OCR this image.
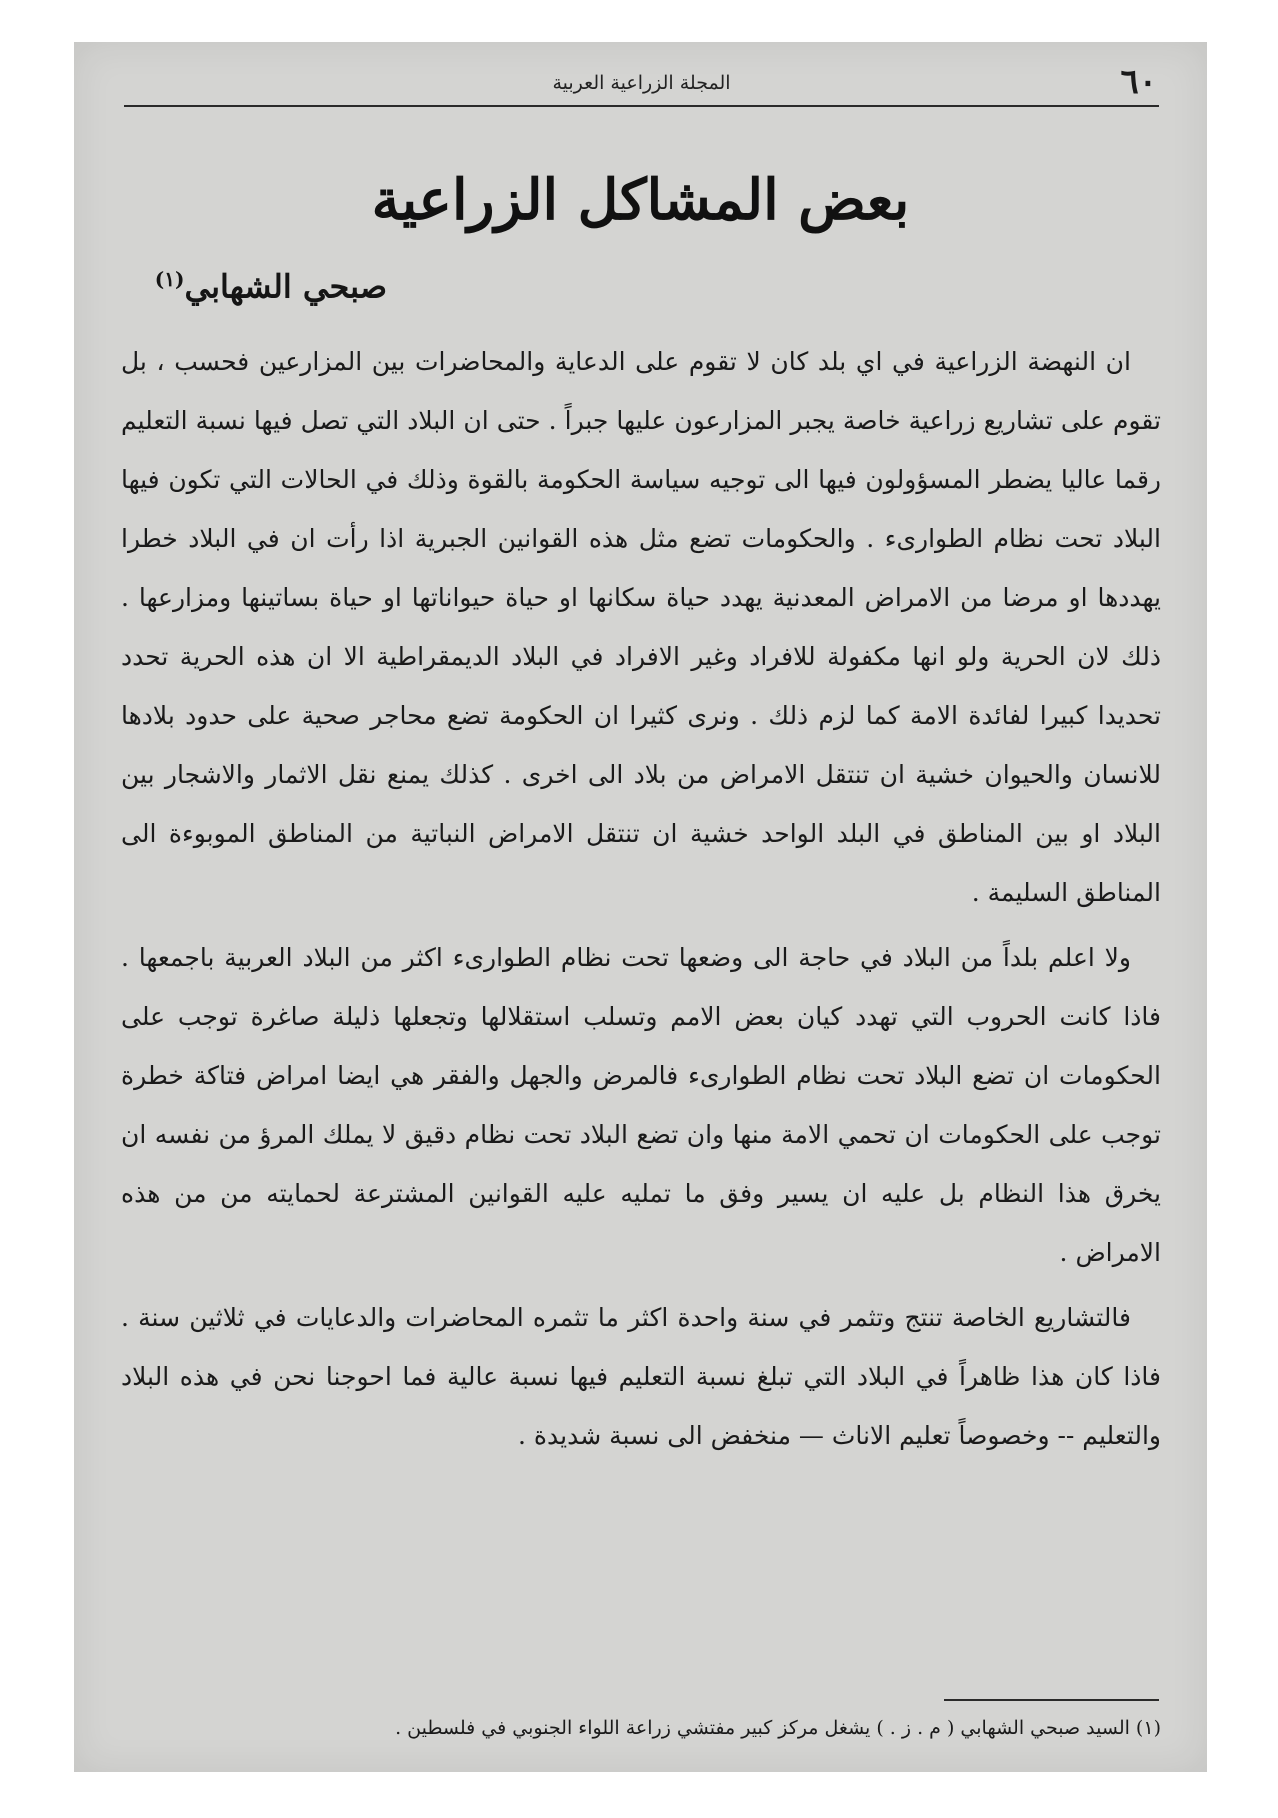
٦٠
المجلة الزراعية العربية
بعض المشاكل الزراعية
صبحي الشهابي$^{(١)}$

ان النهضة الزراعية في اي بلد كان لا تقوم على الدعاية والمحاضرات بين المزارعين فحسب ، بل تقوم على تشاريع زراعية خاصة يجبر المزارعون عليها جبراً . حتى ان البلاد التي تصل فيها نسبة التعليم رقما عاليا يضطر المسؤولون فيها الى توجيه سياسة الحكومة بالقوة وذلك في الحالات التي تكون فيها البلاد تحت نظام الطوارىء . والحكومات تضع مثل هذه القوانين الجبرية اذا رأت ان في البلاد خطرا يهددها او مرضا من الامراض المعدنية يهدد حياة سكانها او حياة حيواناتها او حياة بساتينها ومزارعها . ذلك لان الحرية ولو انها مكفولة للافراد وغير الافراد في البلاد الديمقراطية الا ان هذه الحرية تحدد تحديدا كبيرا لفائدة الامة كما لزم ذلك . ونرى كثيرا ان الحكومة تضع محاجر صحية على حدود بلادها للانسان والحيوان خشية ان تنتقل الامراض من بلاد الى اخرى . كذلك يمنع نقل الاثمار والاشجار بين البلاد او بين المناطق في البلد الواحد خشية ان تنتقل الامراض النباتية من المناطق الموبوءة الى المناطق السليمة .

ولا اعلم بلداً من البلاد في حاجة الى وضعها تحت نظام الطوارىء اكثر من البلاد العربية باجمعها . فاذا كانت الحروب التي تهدد كيان بعض الامم وتسلب استقلالها وتجعلها ذليلة صاغرة توجب على الحكومات ان تضع البلاد تحت نظام الطوارىء فالمرض والجهل والفقر هي ايضا امراض فتاكة خطرة توجب على الحكومات ان تحمي الامة منها وان تضع البلاد تحت نظام دقيق لا يملك المرؤ من نفسه ان يخرق هذا النظام بل عليه ان يسير وفق ما تمليه عليه القوانين المشترعة لحمايته من من هذه الامراض .

فالتشاريع الخاصة تنتج وتثمر في سنة واحدة اكثر ما تثمره المحاضرات والدعايات في ثلاثين سنة . فاذا كان هذا ظاهراً في البلاد التي تبلغ نسبة التعليم فيها نسبة عالية فما احوجنا نحن في هذه البلاد والتعليم -- وخصوصاً تعليم الاناث — منخفض الى نسبة شديدة .

(١) السيد صبحي الشهابي ( م . ز . ) يشغل مركز كبير مفتشي زراعة اللواء الجنوبي في فلسطين .
